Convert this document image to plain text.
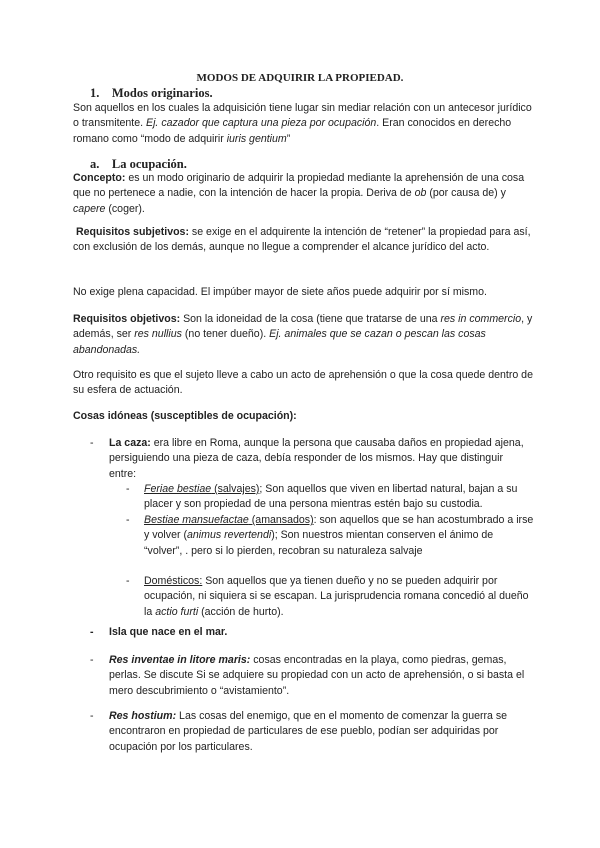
MODOS DE ADQUIRIR LA PROPIEDAD.
1. Modos originarios.
Son aquellos en los cuales la adquisición tiene lugar sin mediar relación con un antecesor jurídico o transmitente. Ej. cazador que captura una pieza por ocupación. Eran conocidos en derecho romano como “modo de adquirir iuris gentium”
a. La ocupación.
Concepto: es un modo originario de adquirir la propiedad mediante la aprehensión de una cosa que no pertenece a nadie, con la intención de hacer la propia. Deriva de ob (por causa de) y capere (coger).
Requisitos subjetivos: se exige en el adquirente la intención de “retener” la propiedad para así, con exclusión de los demás, aunque no llegue a comprender el alcance jurídico del acto.
No exige plena capacidad. El impúber mayor de siete años puede adquirir por sí mismo.
Requisitos objetivos: Son la idoneidad de la cosa (tiene que tratarse de una res in commercio, y además, ser res nullius (no tener dueño). Ej. animales que se cazan o pescan las cosas abandonadas.
Otro requisito es que el sujeto lleve a cabo un acto de aprehensión o que la cosa quede dentro de su esfera de actuación.
Cosas idóneas (susceptibles de ocupación):
-	La caza: era libre en Roma, aunque la persona que causaba daños en propiedad ajena, persiguiendo una pieza de caza, debía responder de los mismos. Hay que distinguir entre:
-	Feriae bestiae (salvajes); Son aquellos que viven en libertad natural, bajan a su placer y son propiedad de una persona mientras estén bajo su custodia.
-	Bestiae mansuefactae (amansados): son aquellos que se han acostumbrado a irse y volver (animus revertendi); Son nuestros mientan conserven el ánimo de “volver”, . pero si lo pierden, recobran su naturaleza salvaje
-	Domésticos: Son aquellos que ya tienen dueño y no se pueden adquirir por ocupación, ni siquiera si se escapan. La jurisprudencia romana concedió al dueño la actio furti (acción de hurto).
-	Isla que nace en el mar.
-	Res inventae in litore maris: cosas encontradas en la playa, como piedras, gemas, perlas. Se discute Si se adquiere su propiedad con un acto de aprehensión, o si basta el mero descubrimiento o “avistamiento”.
-	Res hostium: Las cosas del enemigo, que en el momento de comenzar la guerra se encontraron en propiedad de particulares de ese pueblo, podían ser adquiridas por ocupación por los particulares.
